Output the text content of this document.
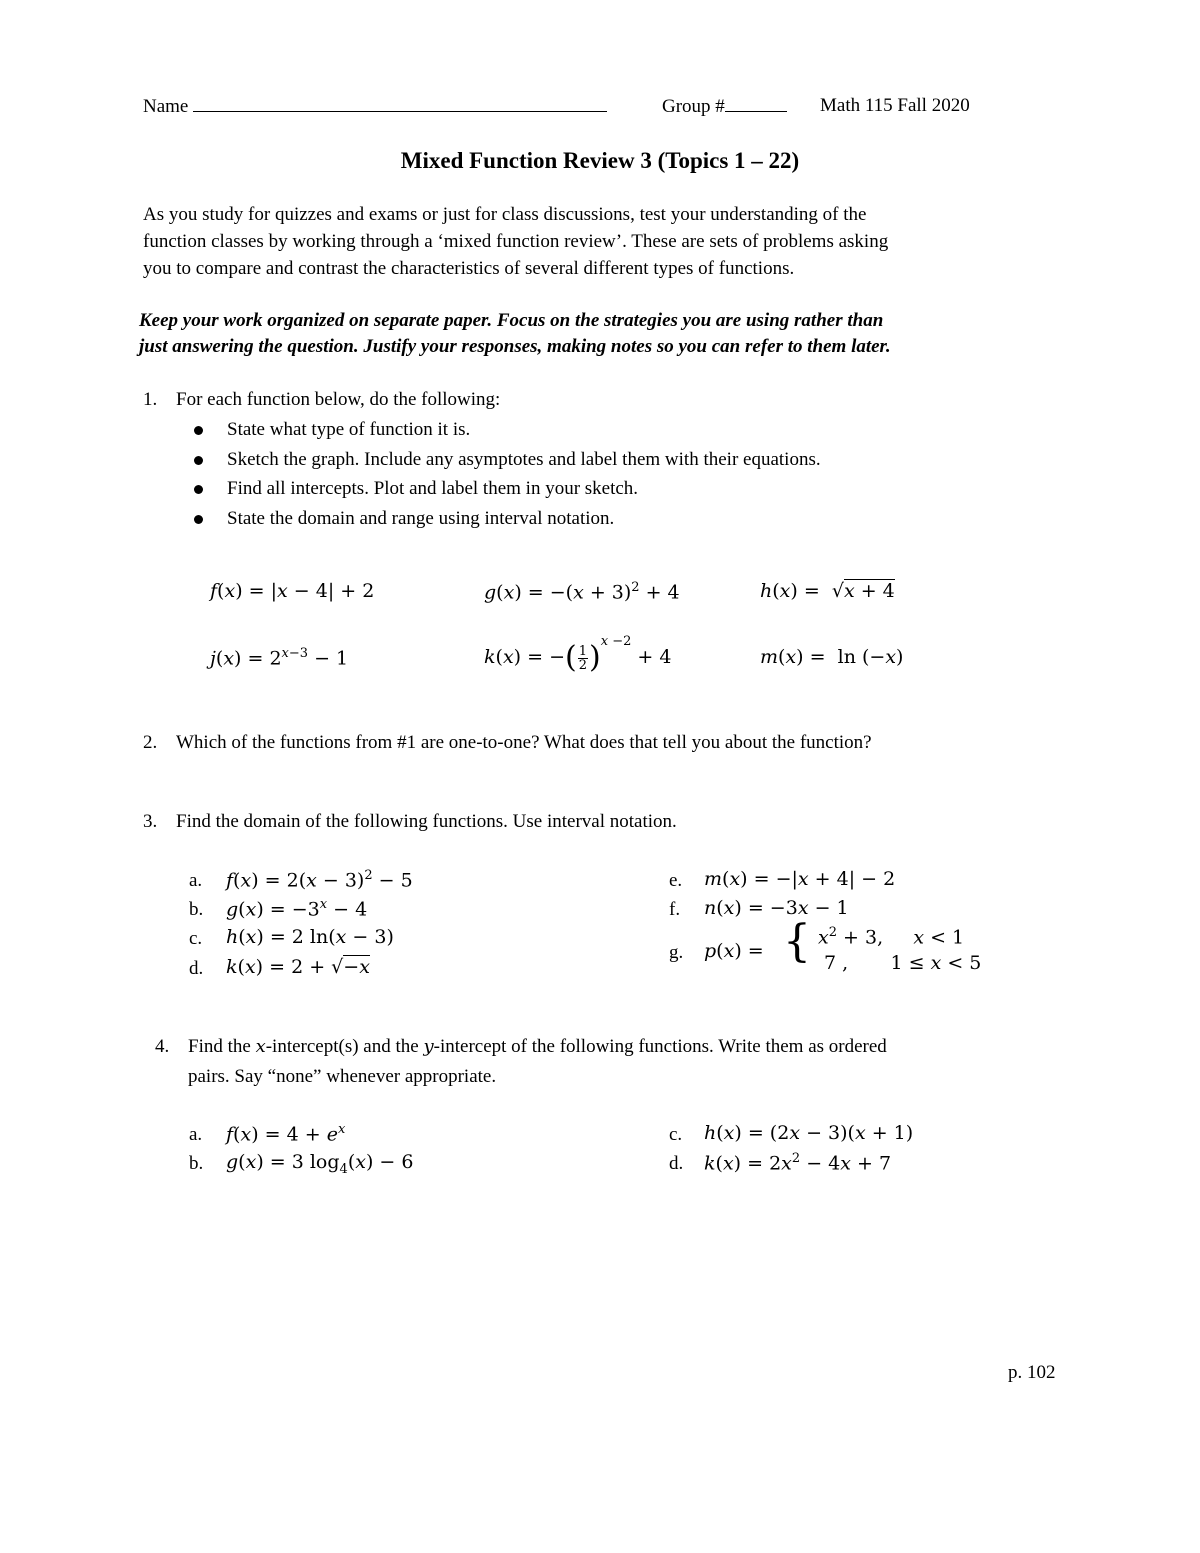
Name	Group #	Math 115 Fall 2020
Mixed Function Review 3 (Topics 1 – 22)
As you study for quizzes and exams or just for class discussions, test your understanding of the
function classes by working through a ‘mixed function review’. These are sets of problems asking
you to compare and contrast the characteristics of several different types of functions.
Keep your work organized on separate paper. Focus on the strategies you are using rather than
just answering the question. Justify your responses, making notes so you can refer to them later.
1. For each function below, do the following:
State what type of function it is.
Sketch the graph. Include any asymptotes and label them with their equations.
Find all intercepts. Plot and label them in your sketch.
State the domain and range using interval notation.
f(x) = |x − 4| + 2	$g(x) = -(x + 3)^2 + 4$	h(x) =  √x + 4
$j(x) = 2^{x-3} - 1$	k(x) = −( $\frac{1}{2} )^{x -2} + 4$	m(x) =  ln (−x)
2. Which of the functions from #1 are one-to-one? What does that tell you about the function?
3. Find the domain of the following functions. Use interval notation.
a. $f(x) = 2(x - 3)^2 - 5$
b. $g(x) = -3^x - 4$
c. h(x) = 2 ln(x − 3)
d. k(x) = 2 + √−x
e. m(x) = −|x + 4| − 2
f. n(x) = −3x − 1
g. p(x) = { $x^2 + 3$,     x < 1
7 ,       1 ≤ x < 5
4. Find the x-intercept(s) and the y-intercept of the following functions. Write them as ordered
pairs. Say “none” whenever appropriate.
a. $f(x) = 4 + e^x$
b. g(x) = 3 $\log_4(x) - 6$
c. h(x) = (2x − 3)(x + 1)
d. $k(x) = 2x^2 - 4x + 7$
p. 102
